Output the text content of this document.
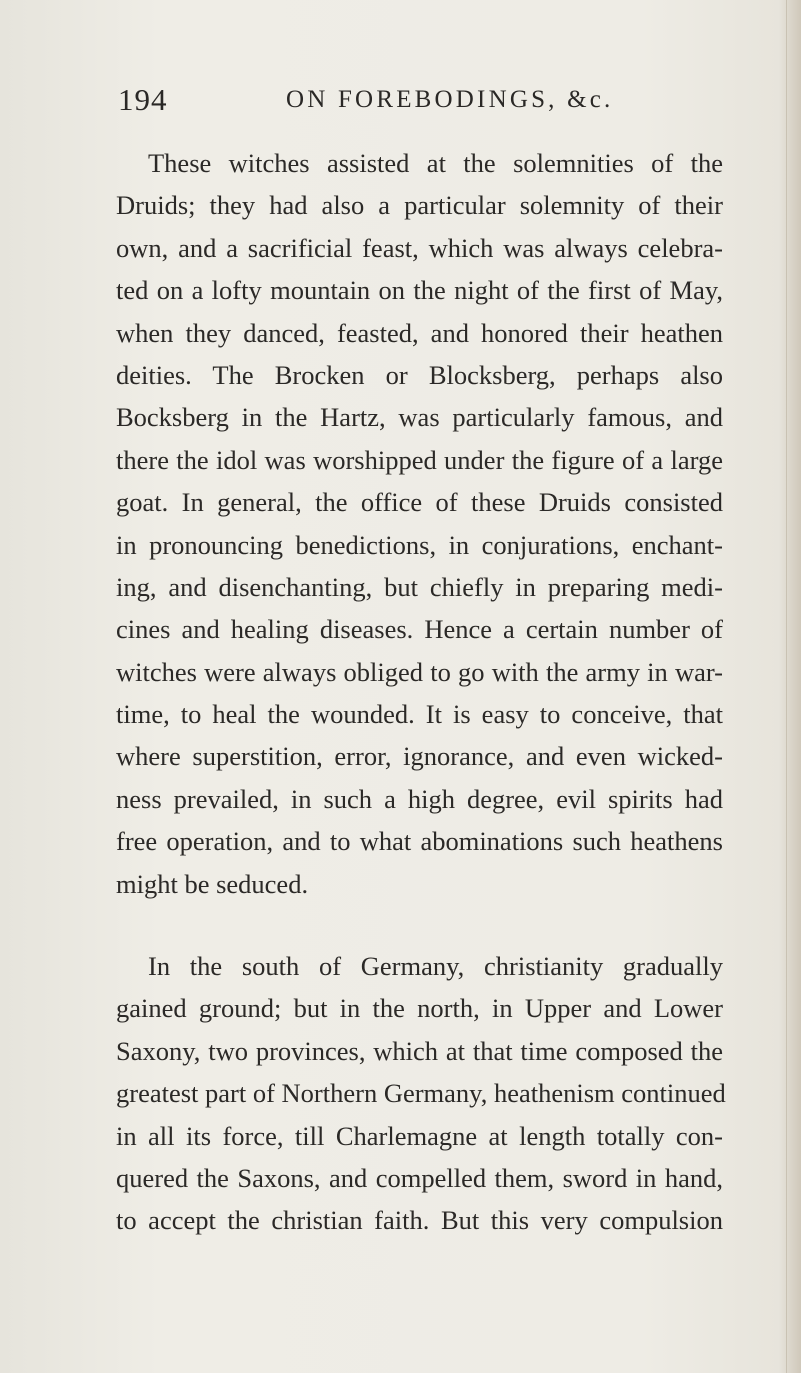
194	ON FOREBODINGS, &c.
These witches assisted at the solemnities of the
Druids; they had also a particular solemnity of their
own, and a sacrificial feast, which was always celebra-
ted on a lofty mountain on the night of the first of May,
when they danced, feasted, and honored their heathen
deities. The Brocken or Blocksberg, perhaps also
Bocksberg in the Hartz, was particularly famous, and
there the idol was worshipped under the figure of a large
goat. In general, the office of these Druids consisted
in pronouncing benedictions, in conjurations, enchant-
ing, and disenchanting, but chiefly in preparing medi-
cines and healing diseases. Hence a certain number of
witches were always obliged to go with the army in war-
time, to heal the wounded. It is easy to conceive, that
where superstition, error, ignorance, and even wicked-
ness prevailed, in such a high degree, evil spirits had
free operation, and to what abominations such heathens
might be seduced.
In the south of Germany, christianity gradually
gained ground; but in the north, in Upper and Lower
Saxony, two provinces, which at that time composed the
greatest part of Northern Germany, heathenism continued
in all its force, till Charlemagne at length totally con-
quered the Saxons, and compelled them, sword in hand,
to accept the christian faith. But this very compulsion
